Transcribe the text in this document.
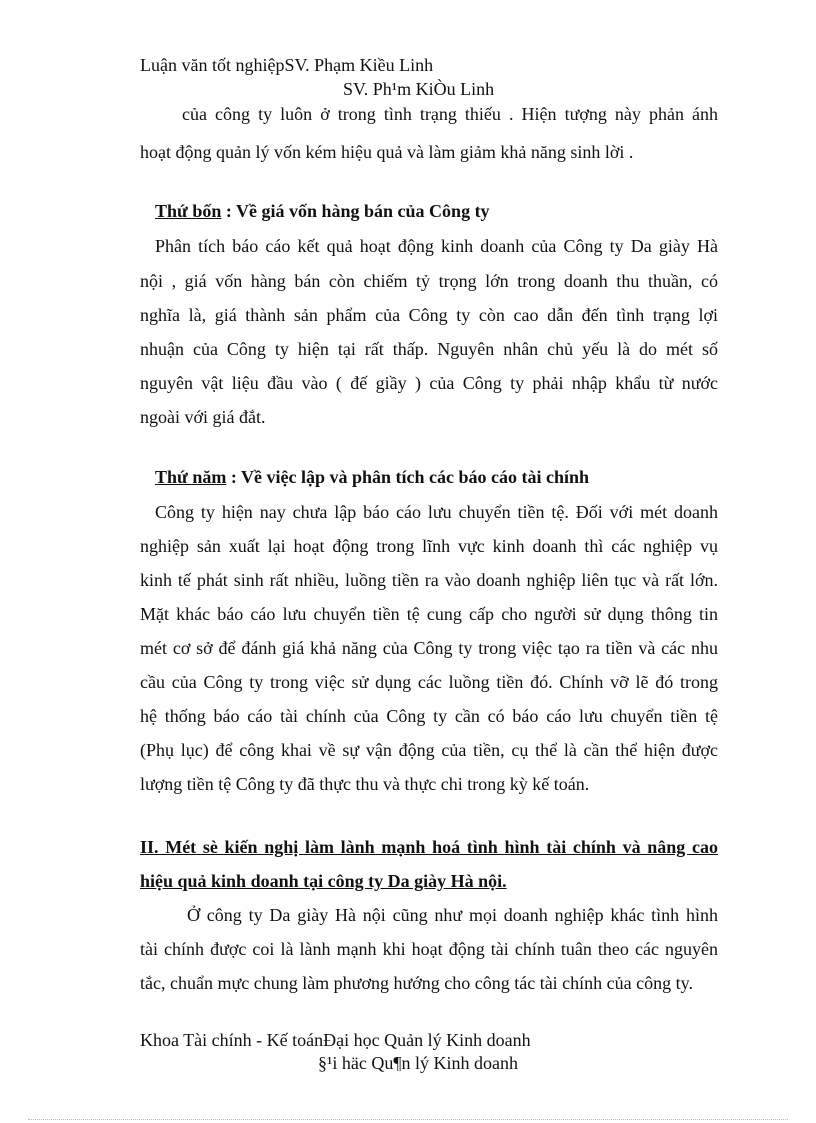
Luận văn tốt nghiệpSV. Phạm Kiều Linh
SV. Ph¹m KiÒu Linh
của công ty luôn ở trong tình trạng thiếu . Hiện tượng này phản ánh
hoạt động quản lý vốn kém hiệu quả và làm giảm khả năng sinh lời .
Thứ bốn : Về giá vốn hàng bán của Công ty
Phân tích báo cáo kết quả hoạt động kinh doanh của Công ty Da giày Hà
nội , giá vốn hàng bán còn chiếm tỷ trọng lớn trong doanh thu thuần, có
nghĩa là, giá thành sản phẩm của Công ty còn cao dẫn đến tình trạng lợi
nhuận của Công ty hiện tại rất thấp. Nguyên nhân chủ yếu là do mét số
nguyên vật liệu đầu vào ( đế giầy ) của Công ty phải nhập khẩu từ nước
ngoài với giá đắt.
Thứ năm : Về việc lập và phân tích các báo cáo tài chính
Công ty hiện nay chưa lập báo cáo lưu chuyển tiền tệ. Đối với mét doanh
nghiệp sản xuất lại hoạt động trong lĩnh vực kinh doanh thì các nghiệp vụ
kinh tế phát sinh rất nhiều, luồng tiền ra vào doanh nghiệp liên tục và rất lớn.
Mặt khác báo cáo lưu chuyển tiền tệ cung cấp cho người sử dụng thông tin
mét cơ sở để đánh giá khả năng của Công ty trong việc tạo ra tiền và các nhu
cầu của Công ty trong việc sử dụng các luồng tiền đó. Chính vỡ lẽ đó trong
hệ thống báo cáo tài chính của Công ty cần có báo cáo lưu chuyển tiền tệ
(Phụ lục) để công khai về sự vận động của tiền, cụ thể là cần thể hiện được
lượng tiền tệ Công ty đã thực thu và thực chi trong kỳ kế toán.
II. Mét sè kiến nghị làm lành mạnh hoá tình hình tài chính và nâng cao
hiệu quả kinh doanh tại công ty Da giày Hà nội.
Ở công ty Da giày Hà nội cũng như mọi doanh nghiệp khác tình hình
tài chính được coi là lành mạnh khi hoạt động tài chính tuân theo các nguyên
tắc, chuẩn mực chung làm phương hướng cho công tác tài chính của công ty.
Khoa Tài chính - Kế toánĐại học Quản lý Kinh doanh
§¹i häc Qu¶n lý Kinh doanh
